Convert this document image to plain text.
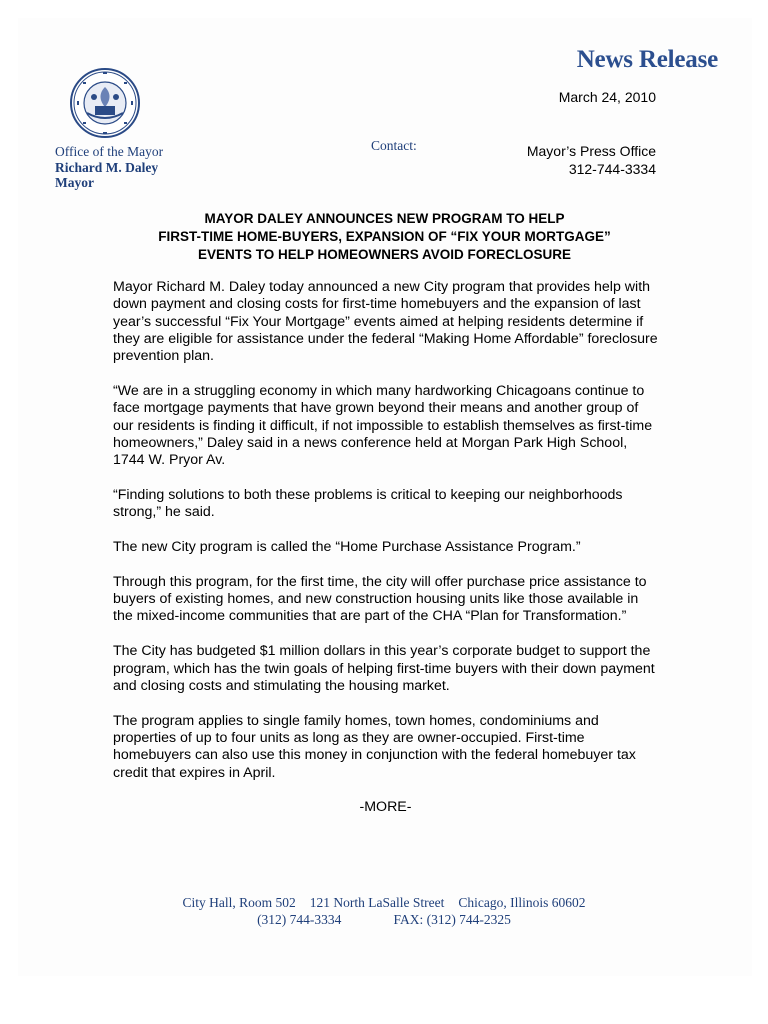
Office of the Mayor
Richard M. Daley
Mayor
News Release
March 24, 2010
Contact:	Mayor’s Press Office
312-744-3334
MAYOR DALEY ANNOUNCES NEW PROGRAM TO HELP
FIRST-TIME HOME-BUYERS, EXPANSION OF “FIX YOUR MORTGAGE”
EVENTS TO HELP HOMEOWNERS AVOID FORECLOSURE

Mayor Richard M. Daley today announced a new City program that provides help with down payment and closing costs for first-time homebuyers and the expansion of last year’s successful “Fix Your Mortgage” events aimed at helping residents determine if they are eligible for assistance under the federal “Making Home Affordable” foreclosure prevention plan.

“We are in a struggling economy in which many hardworking Chicagoans continue to face mortgage payments that have grown beyond their means and another group of our residents is finding it difficult, if not impossible to establish themselves as first-time homeowners,” Daley said in a news conference held at Morgan Park High School, 1744 W. Pryor Av.

“Finding solutions to both these problems is critical to keeping our neighborhoods strong,” he said.

The new City program is called the “Home Purchase Assistance Program.”

Through this program, for the first time, the city will offer purchase price assistance to buyers of existing homes, and new construction housing units like those available in the mixed-income communities that are part of the CHA “Plan for Transformation.”

The City has budgeted $1 million dollars in this year’s corporate budget to support the program, which has the twin goals of helping first-time buyers with their down payment and closing costs and stimulating the housing market.

The program applies to single family homes, town homes, condominiums and properties of up to four units as long as they are owner-occupied. First-time homebuyers can also use this money in conjunction with the federal homebuyer tax credit that expires in April.

-MORE-
City Hall, Room 502 121 North LaSalle Street Chicago, Illinois 60602
(312) 744-3334	FAX: (312) 744-2325
